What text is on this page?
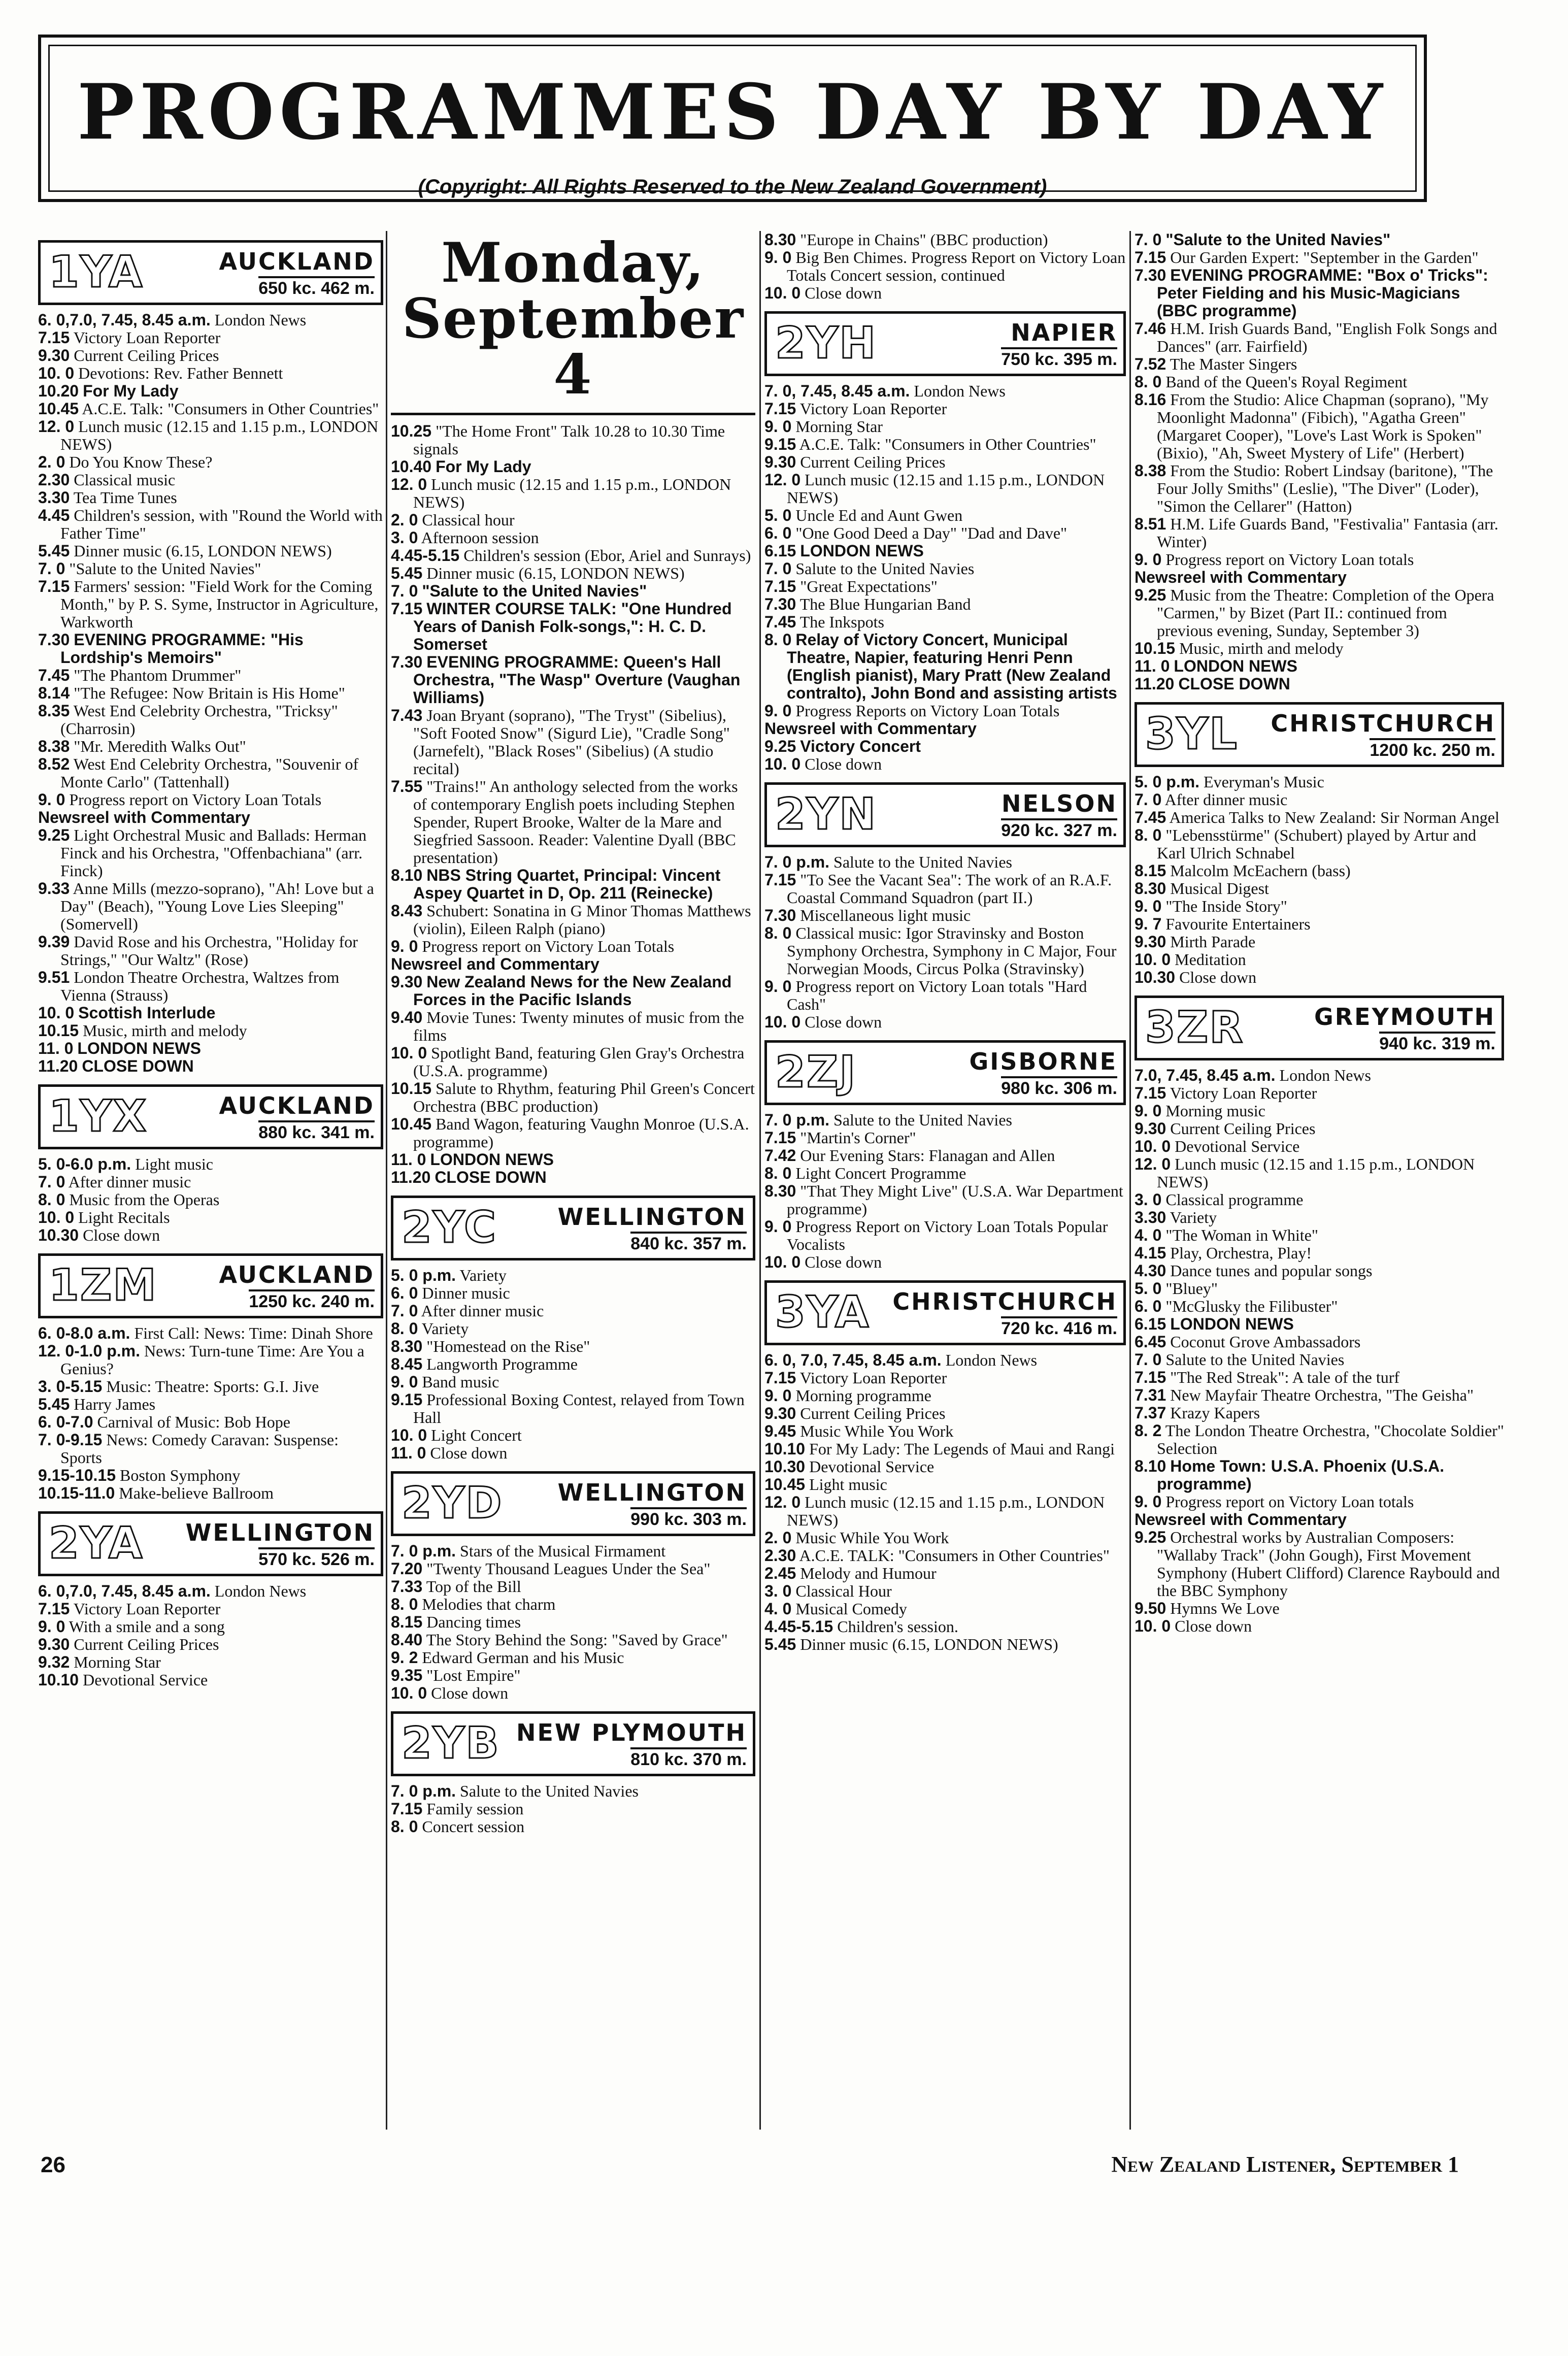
PROGRAMMES DAY BY DAY
(Copyright: All Rights Reserved to the New Zealand Government)
1YA	AUCKLAND
650 kc. 462 m.

6. 0,7.0, 7.45, 8.45 a.m. London News

7.15 Victory Loan Reporter

9.30 Current Ceiling Prices

10. 0 Devotions: Rev. Father Bennett

10.20 For My Lady

10.45 A.C.E. Talk: "Consumers in Other Countries"

12. 0 Lunch music (12.15 and 1.15 p.m., LONDON NEWS)

2. 0 Do You Know These?

2.30 Classical music

3.30 Tea Time Tunes

4.45 Children's session, with "Round the World with Father Time"

5.45 Dinner music (6.15, LONDON NEWS)

7. 0 "Salute to the United Navies"

7.15 Farmers' session: "Field Work for the Coming Month," by P. S. Syme, Instructor in Agriculture, Warkworth

7.30 EVENING PROGRAMME: "His Lordship's Memoirs"

7.45 "The Phantom Drummer"

8.14 "The Refugee: Now Britain is His Home"

8.35 West End Celebrity Orchestra, "Tricksy" (Charrosin)

8.38 "Mr. Meredith Walks Out"

8.52 West End Celebrity Orchestra, "Souvenir of Monte Carlo" (Tattenhall)

9. 0 Progress report on Victory Loan Totals

Newsreel with Commentary

9.25 Light Orchestral Music and Ballads: Herman Finck and his Orchestra, "Offenbachiana" (arr. Finck)

9.33 Anne Mills (mezzo-soprano), "Ah! Love but a Day" (Beach), "Young Love Lies Sleeping" (Somervell)

9.39 David Rose and his Orchestra, "Holiday for Strings," "Our Waltz" (Rose)

9.51 London Theatre Orchestra, Waltzes from Vienna (Strauss)

10. 0 Scottish Interlude

10.15 Music, mirth and melody

11. 0 LONDON NEWS

11.20 CLOSE DOWN

1YX	AUCKLAND
880 kc. 341 m.

5. 0-6.0 p.m. Light music

7. 0 After dinner music

8. 0 Music from the Operas

10. 0 Light Recitals

10.30 Close down

1ZM	AUCKLAND
1250 kc. 240 m.

6. 0-8.0 a.m. First Call: News: Time: Dinah Shore

12. 0-1.0 p.m. News: Turn-tune Time: Are You a Genius?

3. 0-5.15 Music: Theatre: Sports: G.I. Jive

5.45 Harry James

6. 0-7.0 Carnival of Music: Bob Hope

7. 0-9.15 News: Comedy Caravan: Suspense: Sports

9.15-10.15 Boston Symphony

10.15-11.0 Make-believe Ballroom

2YA WELLINGTON
570 kc. 526 m.

6. 0,7.0, 7.45, 8.45 a.m. London News

7.15 Victory Loan Reporter

9. 0 With a smile and a song

9.30 Current Ceiling Prices

9.32 Morning Star

10.10 Devotional Service

Monday, September 4

10.25 "The Home Front" Talk 10.28 to 10.30 Time signals

10.40 For My Lady

12. 0 Lunch music (12.15 and 1.15 p.m., LONDON NEWS)

2. 0 Classical hour

3. 0 Afternoon session

4.45-5.15 Children's session (Ebor, Ariel and Sunrays)

5.45 Dinner music (6.15, LONDON NEWS)

7. 0 "Salute to the United Navies"

7.15 WINTER COURSE TALK: "One Hundred Years of Danish Folk-songs,": H. C. D. Somerset

7.30 EVENING PROGRAMME: Queen's Hall Orchestra, "The Wasp" Overture (Vaughan Williams)

7.43 Joan Bryant (soprano), "The Tryst" (Sibelius), "Soft Footed Snow" (Sigurd Lie), "Cradle Song" (Jarnefelt), "Black Roses" (Sibelius) (A studio recital)

7.55 "Trains!" An anthology selected from the works of contemporary English poets including Stephen Spender, Rupert Brooke, Walter de la Mare and Siegfried Sassoon. Reader: Valentine Dyall (BBC presentation)

8.10 NBS String Quartet, Principal: Vincent Aspey Quartet in D, Op. 211 (Reinecke)

8.43 Schubert: Sonatina in G Minor Thomas Matthews (violin), Eileen Ralph (piano)

9. 0 Progress report on Victory Loan Totals

Newsreel and Commentary

9.30 New Zealand News for the New Zealand Forces in the Pacific Islands

9.40 Movie Tunes: Twenty minutes of music from the films

10. 0 Spotlight Band, featuring Glen Gray's Orchestra (U.S.A. programme)

10.15 Salute to Rhythm, featuring Phil Green's Concert Orchestra (BBC production)

10.45 Band Wagon, featuring Vaughn Monroe (U.S.A. programme)

11. 0 LONDON NEWS

11.20 CLOSE DOWN

2YC	WELLINGTON
840 kc. 357 m.

5. 0 p.m. Variety

6. 0 Dinner music

7. 0 After dinner music

8. 0 Variety

8.30 "Homestead on the Rise"

8.45 Langworth Programme

9. 0 Band music

9.15 Professional Boxing Contest, relayed from Town Hall

10. 0 Light Concert

11. 0 Close down

2YD WELLINGTON
990 kc. 303 m.

7. 0 p.m. Stars of the Musical Firmament

7.20 "Twenty Thousand Leagues Under the Sea"

7.33 Top of the Bill

8. 0 Melodies that charm

8.15 Dancing times

8.40 The Story Behind the Song: "Saved by Grace"

9. 2 Edward German and his Music

9.35 "Lost Empire"

10. 0 Close down

2YB NEW PLYMOUTH
810 kc. 370 m.

7. 0 p.m. Salute to the United Navies

7.15 Family session

8. 0 Concert session

8.30 "Europe in Chains" (BBC production)

9. 0 Big Ben Chimes. Progress Report on Victory Loan Totals Concert session, continued

10. 0 Close down

2YH	NAPIER
750 kc. 395 m.

7. 0, 7.45, 8.45 a.m. London News

7.15 Victory Loan Reporter

9. 0 Morning Star

9.15 A.C.E. Talk: "Consumers in Other Countries"

9.30 Current Ceiling Prices

12. 0 Lunch music (12.15 and 1.15 p.m., LONDON NEWS)

5. 0 Uncle Ed and Aunt Gwen

6. 0 "One Good Deed a Day" "Dad and Dave"

6.15 LONDON NEWS

7. 0 Salute to the United Navies

7.15 "Great Expectations"

7.30 The Blue Hungarian Band

7.45 The Inkspots

8. 0 Relay of Victory Concert, Municipal Theatre, Napier, featuring Henri Penn (English pianist), Mary Pratt (New Zealand contralto), John Bond and assisting artists

9. 0 Progress Reports on Victory Loan Totals

Newsreel with Commentary

9.25 Victory Concert

10. 0 Close down

2YN	NELSON
920 kc. 327 m.

7. 0 p.m. Salute to the United Navies

7.15 "To See the Vacant Sea": The work of an R.A.F. Coastal Command Squadron (part II.)

7.30 Miscellaneous light music

8. 0 Classical music: Igor Stravinsky and Boston Symphony Orchestra, Symphony in C Major, Four Norwegian Moods, Circus Polka (Stravinsky)

9. 0 Progress report on Victory Loan totals "Hard Cash"

10. 0 Close down

2ZJ	GISBORNE
980 kc. 306 m.

7. 0 p.m. Salute to the United Navies

7.15 "Martin's Corner"

7.42 Our Evening Stars: Flanagan and Allen

8. 0 Light Concert Programme

8.30 "That They Might Live" (U.S.A. War Department programme)

9. 0 Progress Report on Victory Loan Totals Popular Vocalists

10. 0 Close down

3YA CHRISTCHURCH
720 kc. 416 m.

6. 0, 7.0, 7.45, 8.45 a.m. London News

7.15 Victory Loan Reporter

9. 0 Morning programme

9.30 Current Ceiling Prices

9.45 Music While You Work

10.10 For My Lady: The Legends of Maui and Rangi

10.30 Devotional Service

10.45 Light music

12. 0 Lunch music (12.15 and 1.15 p.m., LONDON NEWS)

2. 0 Music While You Work

2.30 A.C.E. TALK: "Consumers in Other Countries"

2.45 Melody and Humour

3. 0 Classical Hour

4. 0 Musical Comedy

4.45-5.15 Children's session.

5.45 Dinner music (6.15, LONDON NEWS)

7. 0 "Salute to the United Navies"

7.15 Our Garden Expert: "September in the Garden"

7.30 EVENING PROGRAMME: "Box o' Tricks": Peter Fielding and his Music-Magicians (BBC programme)

7.46 H.M. Irish Guards Band, "English Folk Songs and Dances" (arr. Fairfield)

7.52 The Master Singers

8. 0 Band of the Queen's Royal Regiment

8.16 From the Studio: Alice Chapman (soprano), "My Moonlight Madonna" (Fibich), "Agatha Green" (Margaret Cooper), "Love's Last Work is Spoken" (Bixio), "Ah, Sweet Mystery of Life" (Herbert)

8.38 From the Studio: Robert Lindsay (baritone), "The Four Jolly Smiths" (Leslie), "The Diver" (Loder), "Simon the Cellarer" (Hatton)

8.51 H.M. Life Guards Band, "Festivalia" Fantasia (arr. Winter)

9. 0 Progress report on Victory Loan totals

Newsreel with Commentary

9.25 Music from the Theatre: Completion of the Opera "Carmen," by Bizet (Part II.: continued from previous evening, Sunday, September 3)

10.15 Music, mirth and melody

11. 0 LONDON NEWS

11.20 CLOSE DOWN

3YL CHRISTCHURCH
1200 kc. 250 m.

5. 0 p.m. Everyman's Music

7. 0 After dinner music

7.45 America Talks to New Zealand: Sir Norman Angel

8. 0 "Lebensstürme" (Schubert) played by Artur and Karl Ulrich Schnabel

8.15 Malcolm McEachern (bass)

8.30 Musical Digest

9. 0 "The Inside Story"

9. 7 Favourite Entertainers

9.30 Mirth Parade

10. 0 Meditation

10.30 Close down

3ZR	GREYMOUTH
940 kc. 319 m.

7.0, 7.45, 8.45 a.m. London News

7.15 Victory Loan Reporter

9. 0 Morning music

9.30 Current Ceiling Prices

10. 0 Devotional Service

12. 0 Lunch music (12.15 and 1.15 p.m., LONDON NEWS)

3. 0 Classical programme

3.30 Variety

4. 0 "The Woman in White"

4.15 Play, Orchestra, Play!

4.30 Dance tunes and popular songs

5. 0 "Bluey"

6. 0 "McGlusky the Filibuster"

6.15 LONDON NEWS

6.45 Coconut Grove Ambassadors

7. 0 Salute to the United Navies

7.15 "The Red Streak": A tale of the turf

7.31 New Mayfair Theatre Orchestra, "The Geisha"

7.37 Krazy Kapers

8. 2 The London Theatre Orchestra, "Chocolate Soldier" Selection

8.10 Home Town: U.S.A. Phoenix (U.S.A. programme)

9. 0 Progress report on Victory Loan totals

Newsreel with Commentary

9.25 Orchestral works by Australian Composers: "Wallaby Track" (John Gough), First Movement Symphony (Hubert Clifford) Clarence Raybould and the BBC Symphony

9.50 Hymns We Love

10. 0 Close down

26	New Zealand Listener, September 1
